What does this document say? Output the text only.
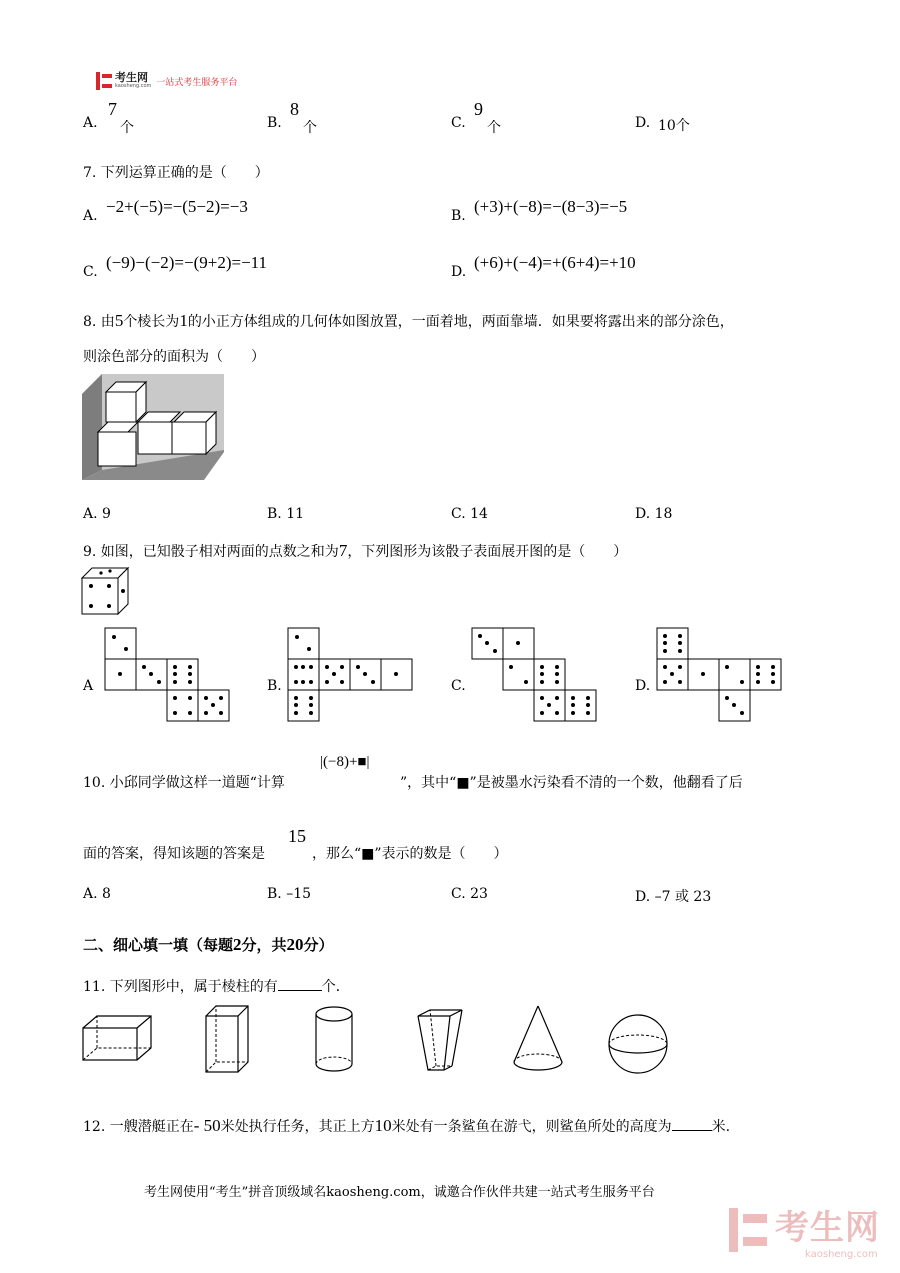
考生网
kaosheng.com 一站式考生服务平台
A.
7
个	B.
8
个	C.
9
个	D. 10个
7. 下列运算正确的是（　　）
A. −2+(−5)=−(5−2)=−3	B. (+3)+(−8)=−(8−3)=−5
C. (−9)−(−2)=−(9+2)=−11	D. (+6)+(−4)=+(6+4)=+10
8. 由5个棱长为1的小正方体组成的几何体如图放置，一面着地，两面靠墙．如果要将露出来的部分涂色，
则涂色部分的面积为（　　）
A. 9	B. 11	C. 14	D. 18
9. 如图，已知骰子相对两面的点数之和为7，下列图形为该骰子表面展开图的是（　　）
A	B.	C.	D.
10. 小邱同学做这样一道题“计算
|(−8)+■|
”，其中“■”是被墨水污染看不清的一个数，他翻看了后
面的答案，得知该题的答案是
15
，那么“■”表示的数是（　　）
A. 8	B. –15	C. 23	D. –7 或 23
二、细心填一填（每题2分，共20分）
11. 下列图形中，属于棱柱的有	个．
12. 一艘潜艇正在- 50米处执行任务，其正上方10米处有一条鲨鱼在游弋，则鲨鱼所处的高度为	米.
考生网使用“考生”拼音顶级域名kaosheng.com，诚邀合作伙伴共建一站式考生服务平台
考生网
kaosheng.com
